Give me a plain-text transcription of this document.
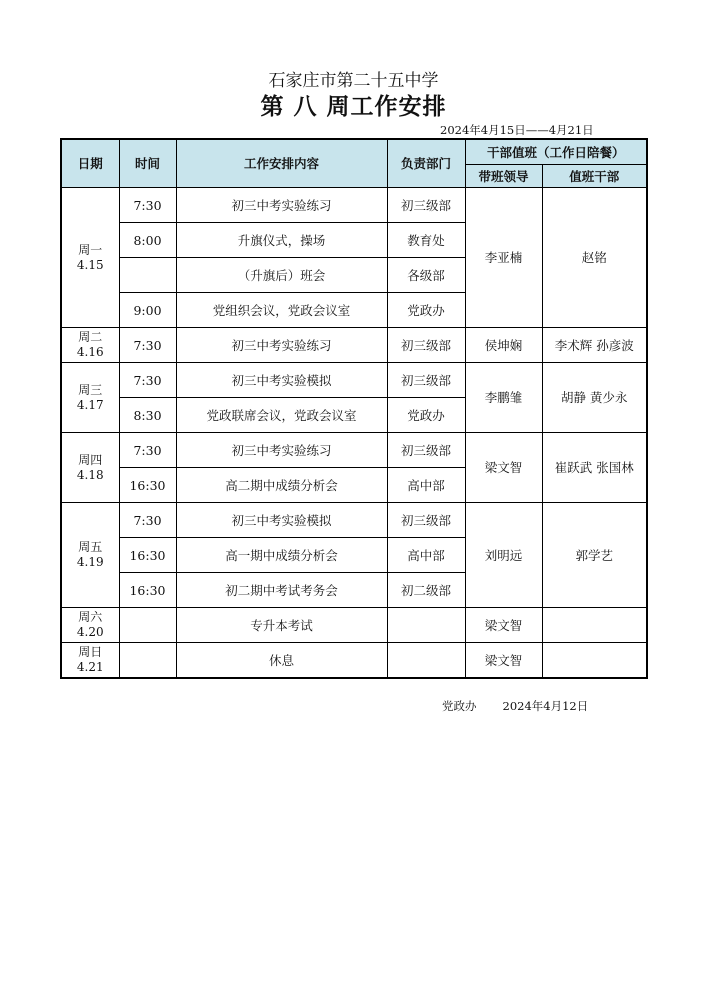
石家庄市第二十五中学
第 八 周工作安排
2024年4月15日——4月21日
日期	时间	工作安排内容	负责部门	干部值班（工作日陪餐）	
				带班领导	值班干部

周一
4.15	7:30	初三中考实验练习	初三级部	李亚楠	赵铭
	8:00	升旗仪式，操场	教育处		
		（升旗后）班会	各级部		
	9:00	党组织会议，党政会议室	党政办		

周二
4.16	7:30	初三中考实验练习	初三级部	侯坤娴	李术辉 孙彦波

周三
4.17	7:30	初三中考实验模拟	初三级部	李鹏雏	胡静 黄少永
	8:30	党政联席会议，党政会议室	党政办		

周四
4.18	7:30	初三中考实验练习	初三级部	梁文智	崔跃武 张国林
	16:30	高二期中成绩分析会	高中部		

周五
4.19	7:30	初三中考实验模拟	初三级部	刘明远	郭学艺
	16:30	高一期中成绩分析会	高中部		
	16:30	初二期中考试考务会	初二级部		

周六
4.20		专升本考试		梁文智	

周日
4.21		休息		梁文智	
党政办 2024年4月12日
